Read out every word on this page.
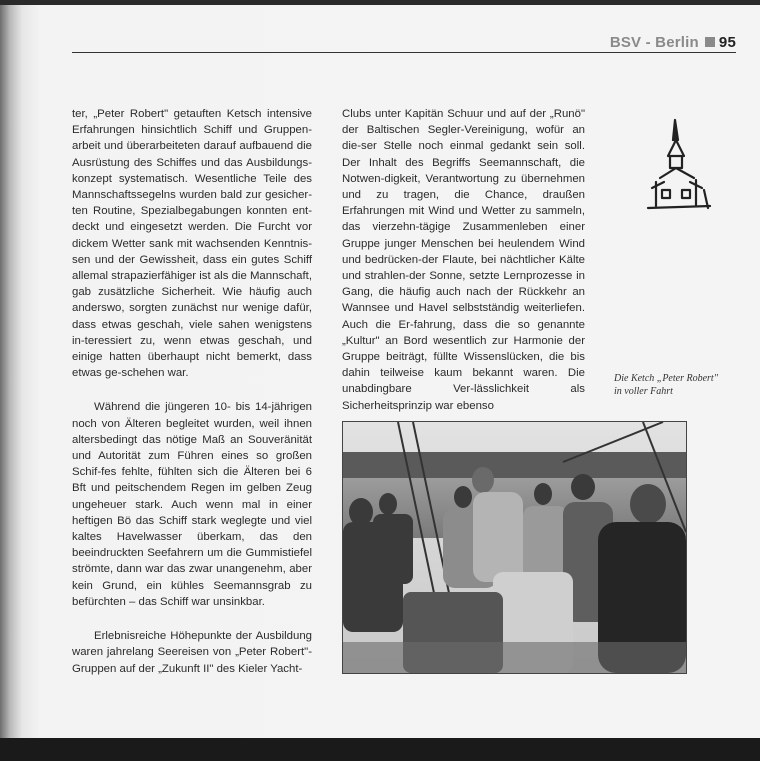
BSV - Berlin 95

ter, „Peter Robert" getauften Ketsch intensive Erfahrungen hinsichtlich Schiff und Gruppen-arbeit und überarbeiteten darauf aufbauend die Ausrüstung des Schiffes und das Ausbildungs-konzept systematisch. Wesentliche Teile des Mannschaftssegelns wurden bald zur gesicher-ten Routine, Spezialbegabungen konnten ent-deckt und eingesetzt werden. Die Furcht vor dickem Wetter sank mit wachsenden Kenntnis-sen und der Gewissheit, dass ein gutes Schiff allemal strapazierfähiger ist als die Mannschaft, gab zusätzliche Sicherheit. Wie häufig auch anderswo, sorgten zunächst nur wenige dafür, dass etwas geschah, viele sahen wenigstens in-teressiert zu, wenn etwas geschah, und einige hatten überhaupt nicht bemerkt, dass etwas ge-schehen war.

Während die jüngeren 10- bis 14-jährigen noch von Älteren begleitet wurden, weil ihnen altersbedingt das nötige Maß an Souveränität und Autorität zum Führen eines so großen Schif-fes fehlte, fühlten sich die Älteren bei 6 Bft und peitschendem Regen im gelben Zeug ungeheuer stark. Auch wenn mal in einer heftigen Bö das Schiff stark weglegte und viel kaltes Havelwasser überkam, das den beeindruckten Seefahrern um die Gummistiefel strömte, dann war das zwar unangenehm, aber kein Grund, ein kühles Seemannsgrab zu befürchten – das Schiff war unsinkbar.

Erlebnisreiche Höhepunkte der Ausbildung waren jahrelang Seereisen von „Peter Robert"-Gruppen auf der „Zukunft II" des Kieler Yacht-

Clubs unter Kapitän Schuur und auf der „Runö" der Baltischen Segler-Vereinigung, wofür an die-ser Stelle noch einmal gedankt sein soll. Der Inhalt des Begriffs Seemannschaft, die Notwen-digkeit, Verantwortung zu übernehmen und zu tragen, die Chance, draußen Erfahrungen mit Wind und Wetter zu sammeln, das vierzehn-tägige Zusammenleben einer Gruppe junger Menschen bei heulendem Wind und bedrücken-der Flaute, bei nächtlicher Kälte und strahlen-der Sonne, setzte Lernprozesse in Gang, die häufig auch nach der Rückkehr an Wannsee und Havel selbstständig weiterliefen. Auch die Er-fahrung, dass die so genannte „Kultur" an Bord wesentlich zur Harmonie der Gruppe beiträgt, füllte Wissenslücken, die bis dahin teilweise kaum bekannt waren. Die unabdingbare Ver-lässlichkeit als Sicherheitsprinzip war ebenso

Die Ketch „Peter Robert"
in voller Fahrt
